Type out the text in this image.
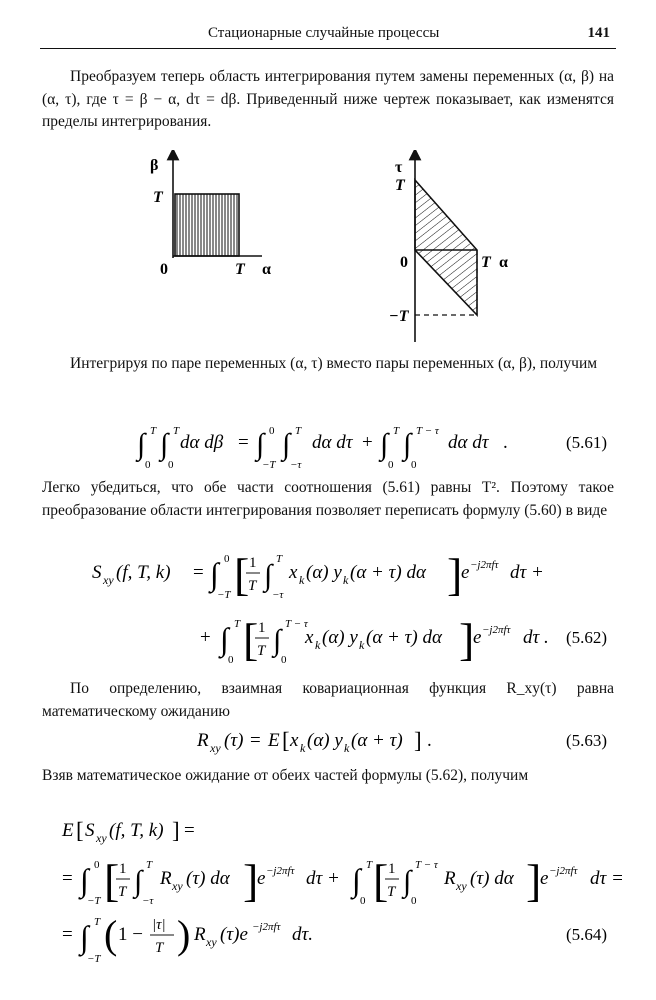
Стационарные случайные процессы	141
Преобразуем теперь область интегрирования путем замены переменных (α, β) на (α, τ), где τ = β − α, dτ = dβ. Приведенный ниже чертеж показывает, как изменятся пределы интегрирования.
β
T
0	T α
τ
T
0	T α
−T
Интегрируя по паре переменных (α, τ) вместо пары переменных (α, β), получим
∫ T
0
∫ T
0
dα dβ = ∫ 0
−T
∫ T
−τ
dα dτ + ∫ T
0
∫ T − τ
0
dα dτ .	(5.61)
Легко убедиться, что обе части соотношения (5.61) равны T². Поэтому такое преобразование области интегрирования позволяет переписать формулу (5.60) в виде
S xy (f, T, k) = ∫ 0
−T [ 1
T ∫ T
−τ
x k (α) y k (α + τ) dα ]
e −j2πfτ dτ +
+ ∫ T
0 [ 1
T ∫ T − τ
0
x k (α) y k (α + τ) dα ]
e −j2πfτ dτ . (5.62)
По определению, взаимная ковариационная функция R_xy(τ) равна математическому ожиданию
R xy (τ) = E [ x k (α) y k (α + τ) ] .	(5.63)
Взяв математическое ожидание от обеих частей формулы (5.62), получим
E [ S xy (f, T, k) ] =
= ∫ 0
−T [ 1
T ∫ T
−τ
R xy (τ) dα ]
e −j2πfτ dτ + ∫ T
0 [ 1
T ∫ T − τ
0
R xy (τ) dα ]
e −j2πfτ dτ =
= ∫ T
−T
( 1 − |τ|
T ) R xy (τ)e −j2πfτ dτ.	(5.64)
